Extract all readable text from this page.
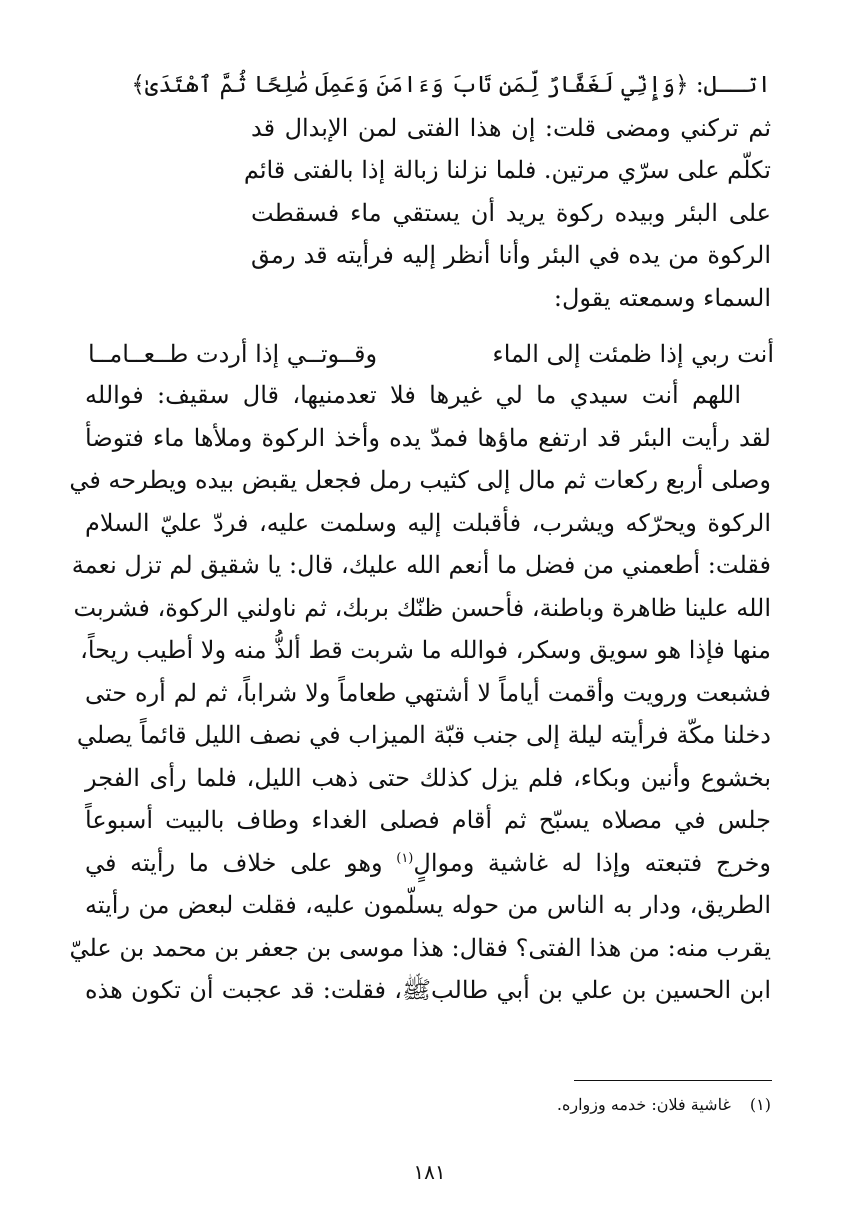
اتــل: ﴿وَإِنِّي لَغَفَّارٌ لِّمَن تَابَ وَءَامَنَ وَعَمِلَ صَٰلِحًا ثُمَّ ٱهْتَدَىٰ﴾
ثم تركني ومضى قلت: إن هذا الفتى لمن الإبدال قد
تكلّم على سرّي مرتين. فلما نزلنا زبالة إذا بالفتى قائم
على البئر وبيده ركوة يريد أن يستقي ماء فسقطت
الركوة من يده في البئر وأنا أنظر إليه فرأيته قد رمق
السماء وسمعته يقول:
أنت ربي إذا ظمئت إلى الماء
وقــوتــي إذا أردت طــعــامــا
اللهم أنت سيدي ما لي غيرها فلا تعدمنيها، قال سقيف: فوالله
لقد رأيت البئر قد ارتفع ماؤها فمدّ يده وأخذ الركوة وملأها ماء فتوضأ
وصلى أربع ركعات ثم مال إلى كثيب رمل فجعل يقبض بيده ويطرحه في
الركوة ويحرّكه ويشرب، فأقبلت إليه وسلمت عليه، فردّ عليّ السلام
فقلت: أطعمني من فضل ما أنعم الله عليك، قال: يا شقيق لم تزل نعمة
الله علينا ظاهرة وباطنة، فأحسن ظنّك بربك، ثم ناولني الركوة، فشربت
منها فإذا هو سويق وسكر، فوالله ما شربت قط ألذُّ منه ولا أطيب ريحاً،
فشبعت ورويت وأقمت أياماً لا أشتهي طعاماً ولا شراباً، ثم لم أره حتى
دخلنا مكّة فرأيته ليلة إلى جنب قبّة الميزاب في نصف الليل قائماً يصلي
بخشوع وأنين وبكاء، فلم يزل كذلك حتى ذهب الليل، فلما رأى الفجر
جلس في مصلاه يسبّح ثم أقام فصلى الغداء وطاف بالبيت أسبوعاً
وخرج فتبعته وإذا له غاشية وموالٍ$^{(١)}$ وهو على خلاف ما رأيته في
الطريق، ودار به الناس من حوله يسلّمون عليه، فقلت لبعض من رأيته
يقرب منه: من هذا الفتى؟ فقال: هذا موسى بن جعفر بن محمد بن عليّ
ابن الحسين بن علي بن أبي طالبﷺ، فقلت: قد عجبت أن تكون هذه
(١) غاشية فلان: خدمه وزواره.
١٨١
